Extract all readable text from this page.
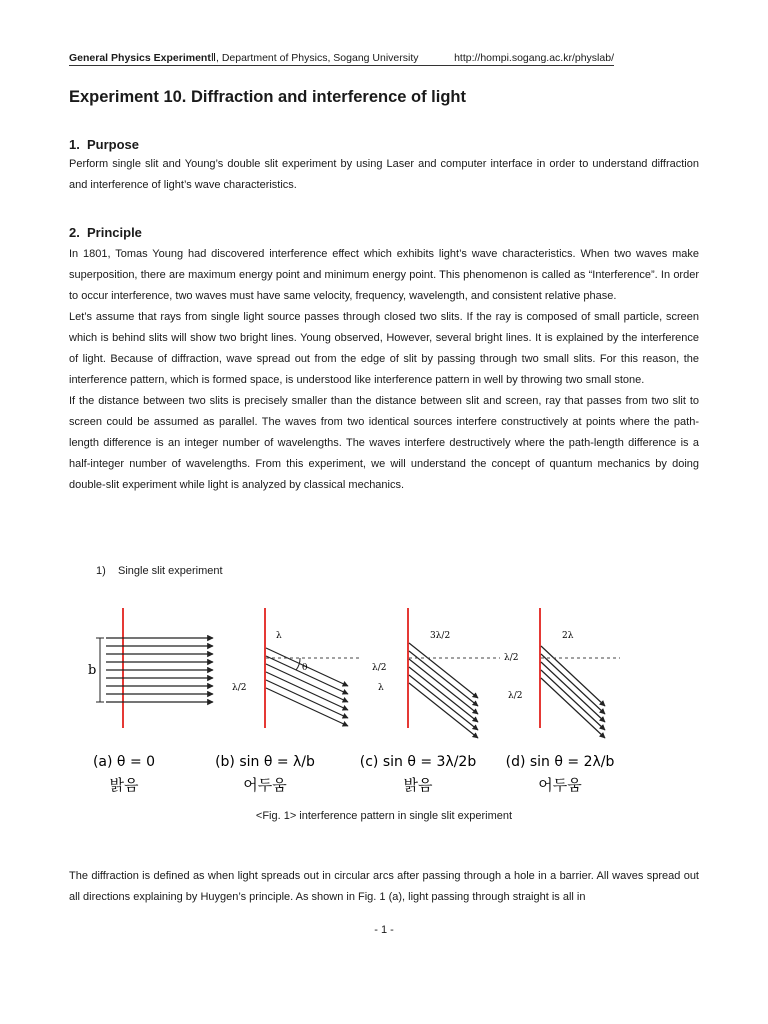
General Physics ExperimentⅡ, Department of Physics, Sogang University	http://hompi.sogang.ac.kr/physlab/
Experiment 10. Diffraction and interference of light
1. Purpose

Perform single slit and Young’s double slit experiment by using Laser and computer interface in order to understand diffraction and interference of light’s wave characteristics.

2. Principle

In 1801, Tomas Young had discovered interference effect which exhibits light’s wave characteristics. When two waves make superposition, there are maximum energy point and minimum energy point. This phenomenon is called as “Interference”. In order to occur interference, two waves must have same velocity, frequency, wavelength, and consistent relative phase.

Let’s assume that rays from single light source passes through closed two slits. If the ray is composed of small particle, screen which is behind slits will show two bright lines. Young observed, However, several bright lines. It is explained by the interference of light. Because of diffraction, wave spread out from the edge of slit by passing through two small slits. For this reason, the interference pattern, which is formed space, is understood like interference pattern in well by throwing two small stone.

If the distance between two slits is precisely smaller than the distance between slit and screen, ray that passes from two slit to screen could be assumed as parallel. The waves from two identical sources interfere constructively at points where the path-length difference is an integer number of wavelengths. The waves interfere destructively where the path-length difference is a half-integer number of wavelengths. From this experiment, we will understand the concept of quantum mechanics by doing double-slit experiment while light is analyzed by classical mechanics.

1) Single slit experiment
b	θ
λ
λ/2
3λ/2
λ/2
λ
2λ
λ/2
λ/2
(a) θ = 0
밝음
(b) sin θ = λ/b
어두움
(c) sin θ = 3λ/2b
밝음
(d) sin θ = 2λ/b
어두움
<Fig. 1> interference pattern in single slit experiment

The diffraction is defined as when light spreads out in circular arcs after passing through a hole in a barrier. All waves spread out all directions explaining by Huygen’s principle. As shown in Fig. 1 (a), light passing through straight is all in

- 1 -
